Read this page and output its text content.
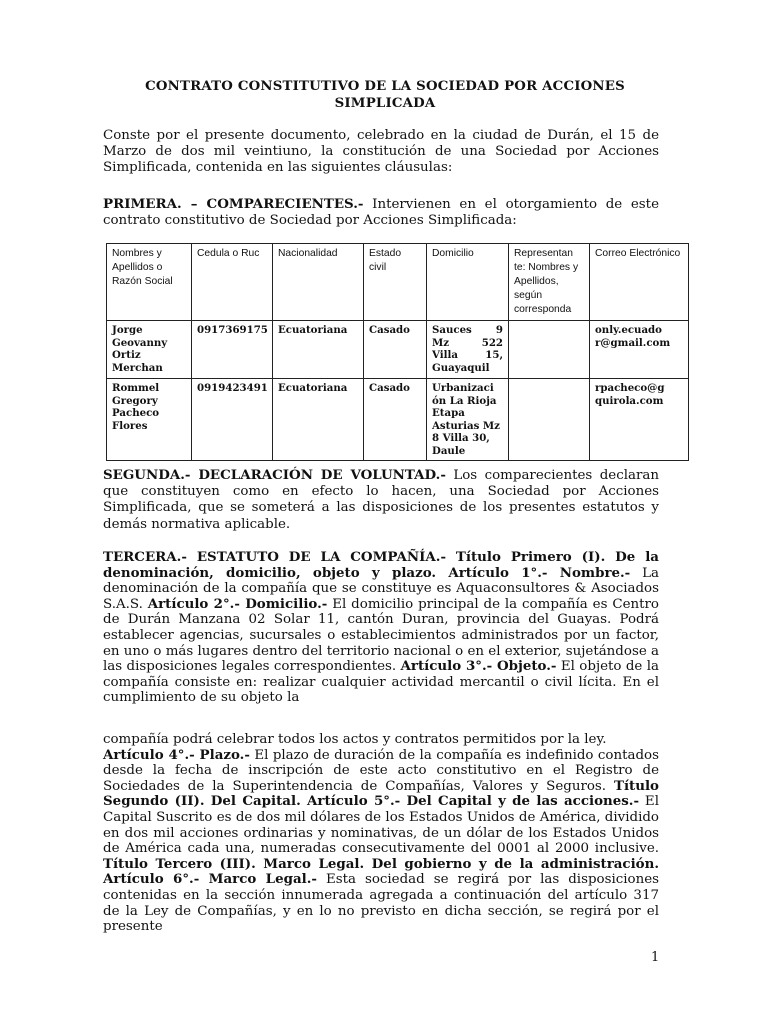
CONTRATO CONSTITUTIVO DE LA SOCIEDAD POR ACCIONES SIMPLICADA

Conste por el presente documento, celebrado en la ciudad de Durán, el 15 de Marzo de dos mil veintiuno, la constitución de una Sociedad por Acciones Simplificada, contenida en las siguientes cláusulas:

PRIMERA. – COMPARECIENTES.- Intervienen en el otorgamiento de este contrato constitutivo de Sociedad por Acciones Simplificada:

Nombres y Apellidos o Razón Social	Cedula o Ruc	Nacionalidad	Estado civil	Domicilio	Representan te: Nombres y Apellidos, según corresponda	Correo Electrónico
Jorge Geovanny Ortiz Merchan	0917369175	Ecuatoriana	Casado	Sauces 9 Mz 522 Villa 15, Guayaquil		only.ecuado r@gmail.com
Rommel Gregory Pacheco Flores	0919423491	Ecuatoriana	Casado	Urbanizaci ón La Rioja Etapa Asturias Mz 8 Villa 30, Daule		rpacheco@g quirola.com

SEGUNDA.- DECLARACIÓN DE VOLUNTAD.- Los comparecientes declaran que constituyen como en efecto lo hacen, una Sociedad por Acciones Simplificada, que se someterá a las disposiciones de los presentes estatutos y demás normativa aplicable.

TERCERA.- ESTATUTO DE LA COMPAÑÍA.- Título Primero (I). De la denominación, domicilio, objeto y plazo. Artículo 1°.- Nombre.- La denominación de la compañía que se constituye es Aquaconsultores & Asociados S.A.S. Artículo 2°.- Domicilio.- El domicilio principal de la compañía es Centro de Durán Manzana 02 Solar 11, cantón Duran, provincia del Guayas. Podrá establecer agencias, sucursales o establecimientos administrados por un factor, en uno o más lugares dentro del territorio nacional o en el exterior, sujetándose a las disposiciones legales correspondientes. Artículo 3°.- Objeto.- El objeto de la compañía consiste en: realizar cualquier actividad mercantil o civil lícita. En el cumplimiento de su objeto la

compañía podrá celebrar todos los actos y contratos permitidos por la ley.
Artículo 4°.- Plazo.- El plazo de duración de la compañía es indefinido contados desde la fecha de inscripción de este acto constitutivo en el Registro de Sociedades de la Superintendencia de Compañías, Valores y Seguros. Título Segundo (II). Del Capital. Artículo 5°.- Del Capital y de las acciones.- El Capital Suscrito es de dos mil dólares de los Estados Unidos de América, dividido en dos mil acciones ordinarias y nominativas, de un dólar de los Estados Unidos de América cada una, numeradas consecutivamente del 0001 al 2000 inclusive. Título Tercero (III). Marco Legal. Del gobierno y de la administración. Artículo 6°.- Marco Legal.- Esta sociedad se regirá por las disposiciones contenidas en la sección innumerada agregada a continuación del artículo 317 de la Ley de Compañías, y en lo no previsto en dicha sección, se regirá por el presente

1
